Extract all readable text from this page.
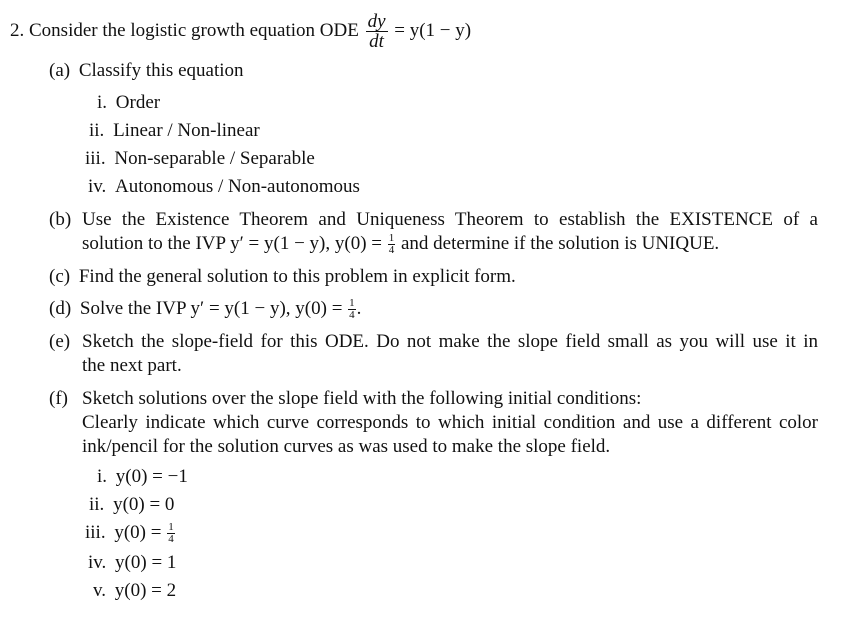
2. Consider the logistic growth equation ODE $\frac{dy}{dt} = y(1 - y)$
(a) Classify this equation
i. Order
ii. Linear / Non-linear
iii. Non-separable / Separable
iv. Autonomous / Non-autonomous
(b) Use the Existence Theorem and Uniqueness Theorem to establish the EXISTENCE of a
solution to the IVP y′ = y(1 − y), $y(0) = \frac{1}{4}$ and determine if the solution is UNIQUE.
(c) Find the general solution to this problem in explicit form.
(d) Solve the IVP y′ = y(1 − y), $y(0) = \frac{1}{4}$ .
(e) Sketch the slope-field for this ODE. Do not make the slope field small as you will use it in
the next part.
(f) Sketch solutions over the slope field with the following initial conditions:
Clearly indicate which curve corresponds to which initial condition and use a different color
ink/pencil for the solution curves as was used to make the slope field.
i. y(0) = −1
ii. y(0) = 0
iii. $y(0) = \frac{1}{4}$
iv. y(0) = 1
v. y(0) = 2
